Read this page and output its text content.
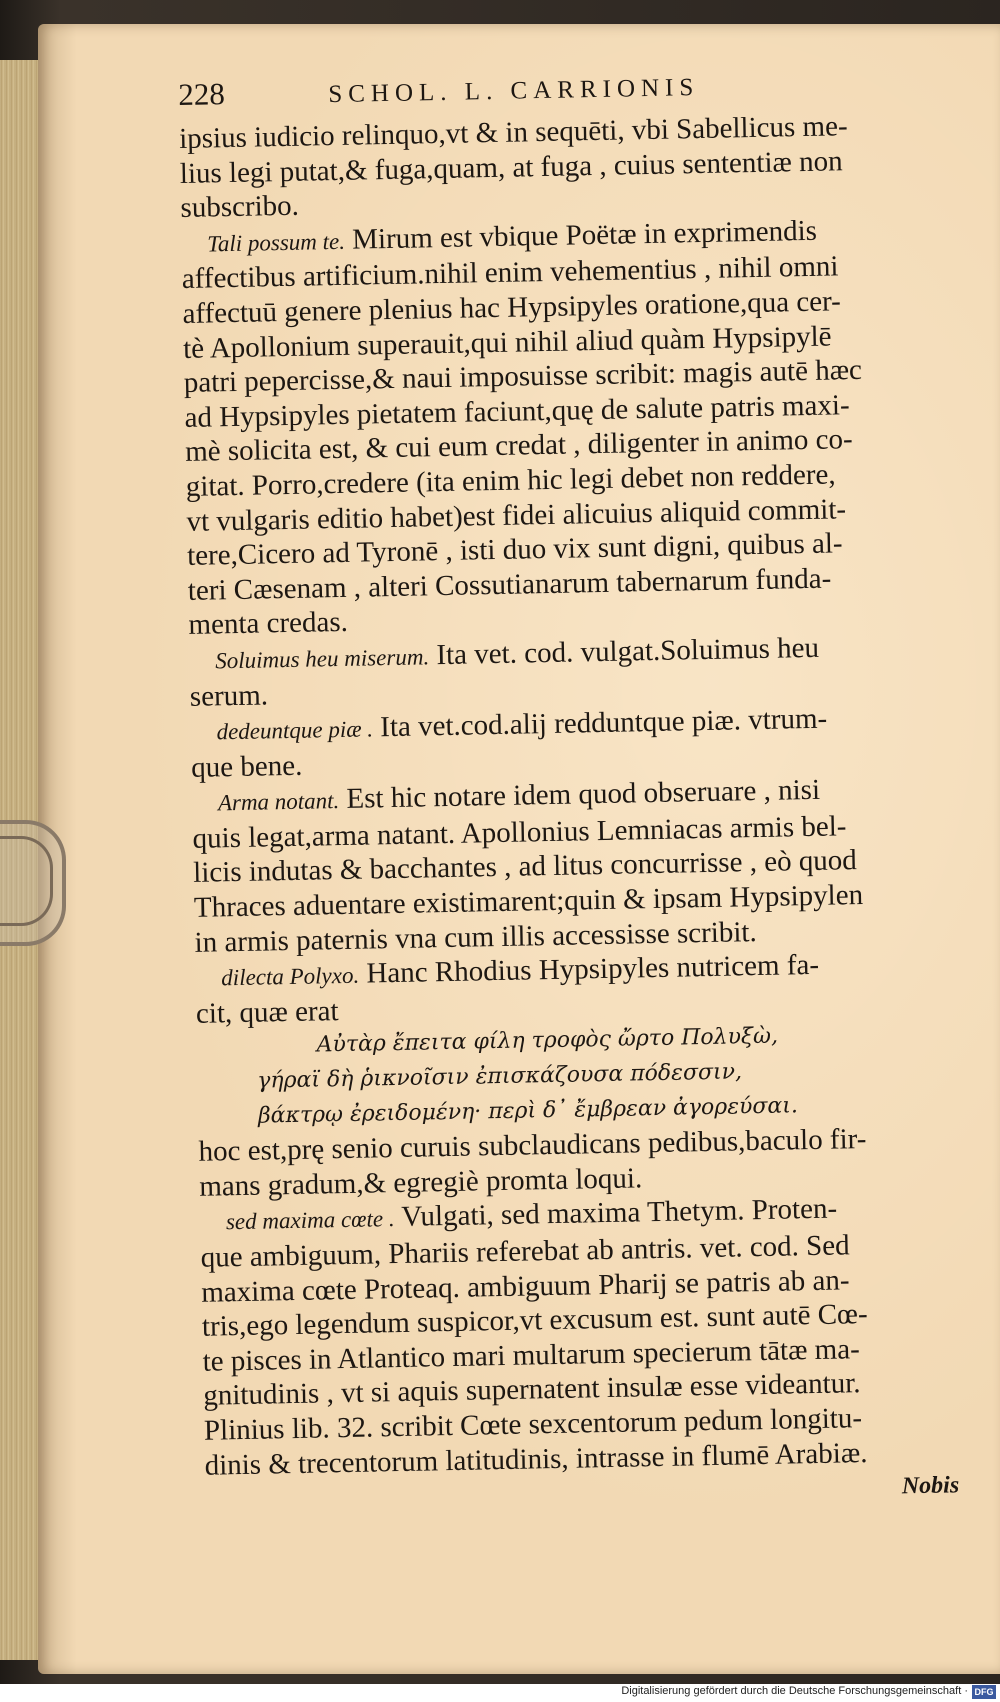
228	SCHOL. L. CARRIONIS
ipsius iudicio relinquo,vt & in sequēti, vbi Sabellicus me-
lius legi putat,& fuga,quam, at fuga , cuius sententiæ non
subscribo.
Tali possum te. Mirum est vbique Poëtæ in exprimendis
affectibus artificium.nihil enim vehementius , nihil omni
affectuū genere plenius hac Hypsipyles oratione,qua cer-
tè Apollonium superauit,qui nihil aliud quàm Hypsipylē
patri pepercisse,& naui imposuisse scribit: magis autē hæc
ad Hypsipyles pietatem faciunt,quę de salute patris maxi-
mè solicita est, & cui eum credat , diligenter in animo co-
gitat. Porro,credere (ita enim hic legi debet non reddere,
vt vulgaris editio habet)est fidei alicuius aliquid commit-
tere,Cicero ad Tyronē , isti duo vix sunt digni, quibus al-
teri Cæsenam , alteri Cossutianarum tabernarum funda-
menta credas.
Soluimus heu miserum. Ita vet. cod. vulgat.Soluimus heu
serum.
dedeuntque piæ . Ita vet.cod.alij redduntque piæ. vtrum-
que bene.
Arma notant. Est hic notare idem quod obseruare , nisi
quis legat,arma natant. Apollonius Lemniacas armis bel-
licis indutas & bacchantes , ad litus concurrisse , eò quod
Thraces aduentare existimarent;quin & ipsam Hypsipylen
in armis paternis vna cum illis accessisse scribit.
dilecta Polyxo. Hanc Rhodius Hypsipyles nutricem fa-
cit, quæ erat
Αὐτὰρ ἔπειτα φίλη τροφὸς ὤρτο Πολυξὼ,
γήραϊ δὴ ῥικνοῖσιν ἐπισκάζουσα πόδεσσιν,
βάκτρῳ ἐρειδομένη· περὶ δ᾽ ἔμβρεαν ἀγορεύσαι.
hoc est,prę senio curuis subclaudicans pedibus,baculo fir-
mans gradum,& egregiè promta loqui.
sed maxima cœte . Vulgati, sed maxima Thetym. Proten-
que ambiguum, Phariis referebat ab antris. vet. cod. Sed
maxima cœte Proteaq. ambiguum Pharij se patris ab an-
tris,ego legendum suspicor,vt excusum est. sunt autē Cœ-
te pisces in Atlantico mari multarum specierum tātæ ma-
gnitudinis , vt si aquis supernatent insulæ esse videantur.
Plinius lib. 32. scribit Cœte sexcentorum pedum longitu-
dinis & trecentorum latitudinis, intrasse in flumē Arabiæ.
Nobis
Digitalisierung gefördert durch die Deutsche Forschungsgemeinschaft · DFG
